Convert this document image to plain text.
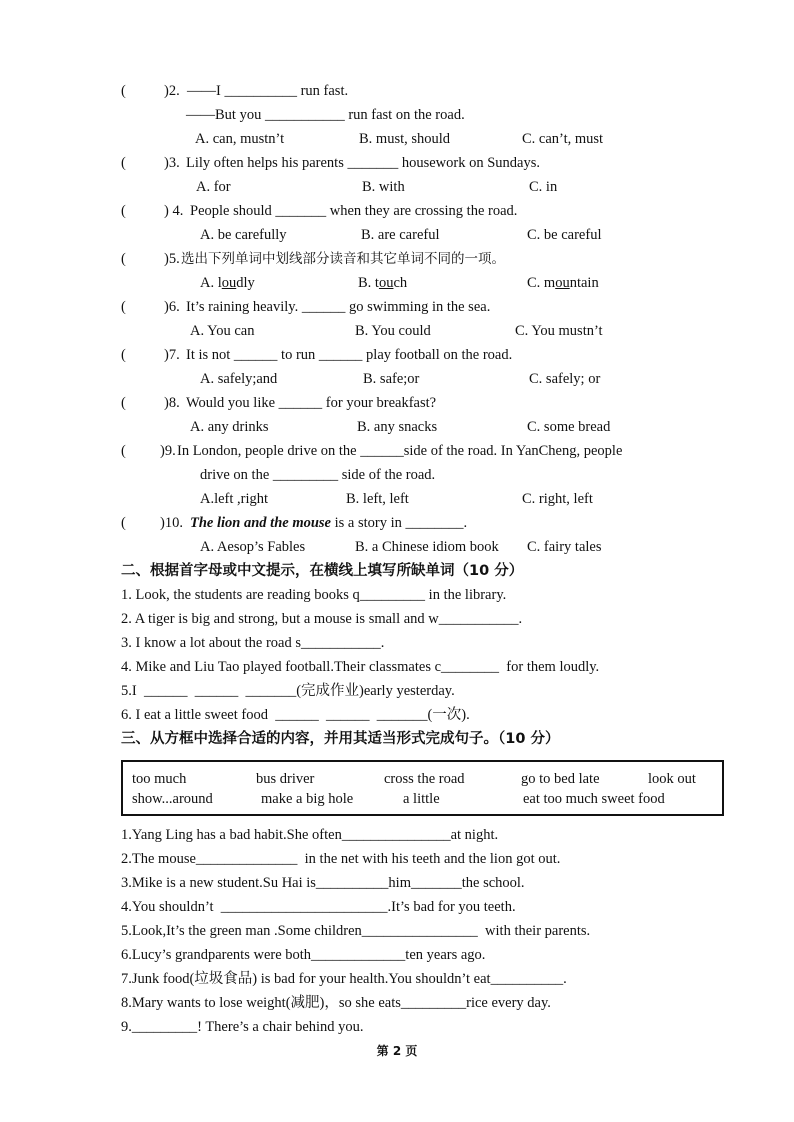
(	)2. ——I __________ run fast.
——But you ___________ run fast on the road.
A. can, mustn’t	B. must, should	C. can’t, must
(	)3. Lily often helps his parents _______ housework on Sundays.
A. for	B. with	C. in
(	) 4. People should _______ when they are crossing the road.
A. be carefully	B. are careful	C. be careful
(	)5. 选出下列单词中划线部分读音和其它单词不同的一项。
A. loudly	B. touch	C. mountain
(	)6. It’s raining heavily. ______ go swimming in the sea.
A. You can	B. You could	C. You mustn’t
(	)7. It is not ______ to run ______ play football on the road.
A. safely;and	B. safe;or	C. safely; or
(	)8. Would you like ______ for your breakfast?
A. any drinks	B. any snacks	C. some bread
( )9. In London, people drive on the ______side of the road. In YanCheng, people
drive on the _________ side of the road.
A.left ,right	B. left, left	C. right, left
( )10. The lion and the mouse is a story in ________.
A. Aesop’s Fables	B. a Chinese idiom book C. fairy tales
二、根据首字母或中文提示，在横线上填写所缺单词（10 分）
1. Look, the students are reading books q_________ in the library.
2. A tiger is big and strong, but a mouse is small and w___________.
3. I know a lot about the road s___________.
4. Mike and Liu Tao played football.Their classmates c________  for them loudly.
5.I  ______  ______  _______(完成作业)early yesterday.
6. I eat a little sweet food  ______  ______  _______(一次).
三、从方框中选择合适的内容，并用其适当形式完成句子。（10 分）
too much	bus driver	cross the road	go to bed late	look out
show...around	make a big hole	a little	eat too much sweet food
1.Yang Ling has a bad habit.She often_______________at night.
2.The mouse______________  in the net with his teeth and the lion got out.
3.Mike is a new student.Su Hai is__________him_______the school.
4.You shouldn’t  _______________________.It’s bad for you teeth.
5.Look,It’s the green man .Some children________________  with their parents.
6.Lucy’s grandparents were both_____________ten years ago.
7.Junk food(垃圾食品) is bad for your health.You shouldn’t eat__________.
8.Mary wants to lose weight(减肥)，so she eats_________rice every day.
9._________! There’s a chair behind you.
第 2 页
